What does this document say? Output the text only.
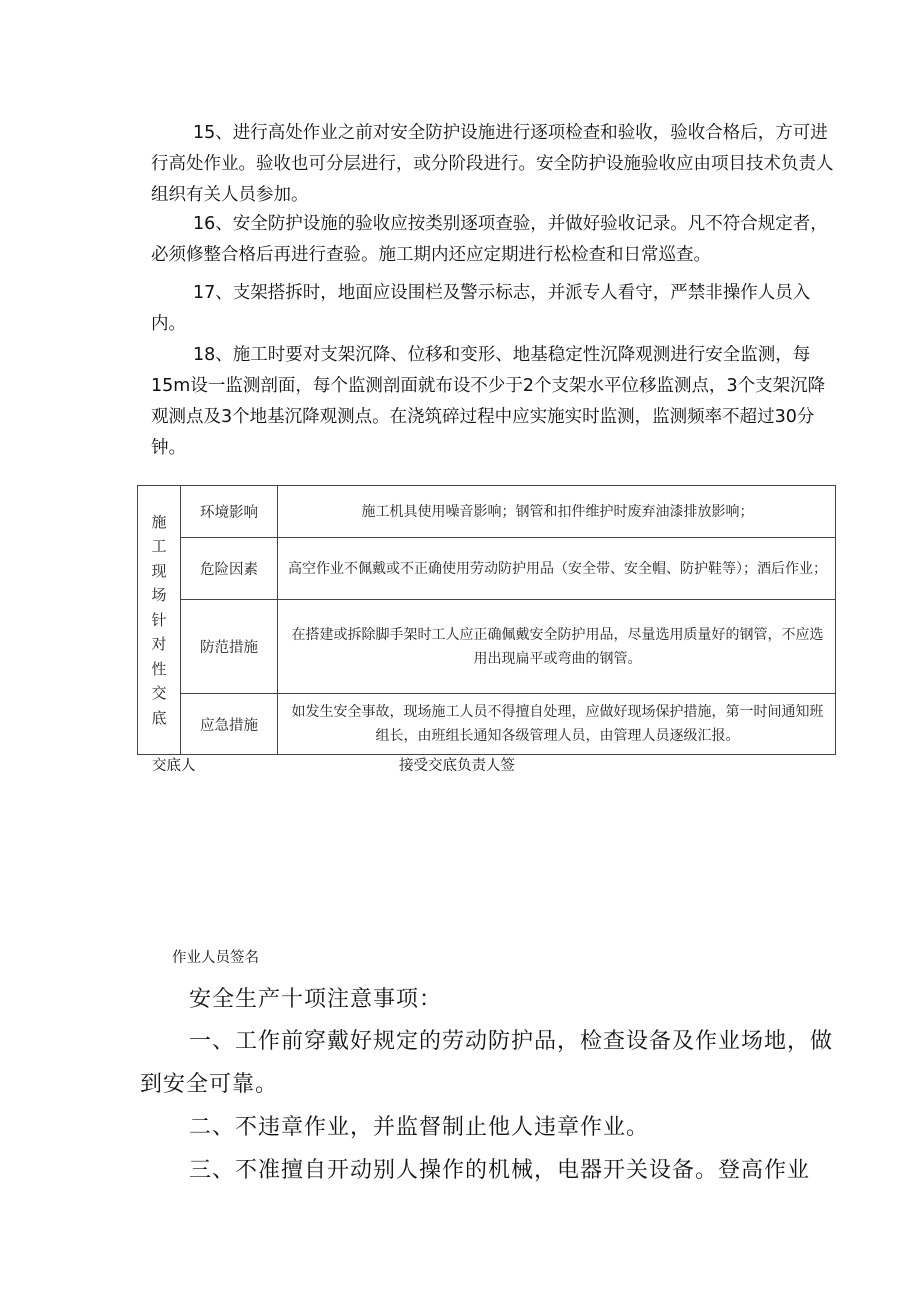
15、进行高处作业之前对安全防护设施进行逐项检查和验收，验收合格后，方可进行高处作业。验收也可分层进行，或分阶段进行。安全防护设施验收应由项目技术负责人组织有关人员参加。

16、安全防护设施的验收应按类别逐项查验，并做好验收记录。凡不符合规定者，必须修整合格后再进行查验。施工期内还应定期进行松检查和日常巡查。

17、支架搭拆时，地面应设围栏及警示标志，并派专人看守，严禁非操作人员入内。

18、施工时要对支架沉降、位移和变形、地基稳定性沉降观测进行安全监测，每15m设一监测剖面，每个监测剖面就布设不少于2个支架水平位移监测点，3个支架沉降观测点及3个地基沉降观测点。在浇筑碎过程中应实施实时监测，监测频率不超过30分钟。

施工现场针对性交底	环境影响	施工机具使用噪音影响；钢管和扣件维护时废弃油漆排放影响；

	危险因素	高空作业不佩戴或不正确使用劳动防护用品（安全带、安全帽、防护鞋等）；酒后作业；

	防范措施	在搭建或拆除脚手架时工人应正确佩戴安全防护用品，尽量选用质量好的钢管，不应选用出现扁平或弯曲的钢管。

	应急措施	如发生安全事故，现场施工人员不得擅自处理，应做好现场保护措施，第一时间通知班组长，由班组长通知各级管理人员，由管理人员逐级汇报。
交底人	接受交底负责人签
作业人员签名
安全生产十项注意事项：
一、工作前穿戴好规定的劳动防护品，检查设备及作业场地，做到安全可靠。
二、不违章作业，并监督制止他人违章作业。
三、不准擅自开动别人操作的机械，电器开关设备。登高作业
